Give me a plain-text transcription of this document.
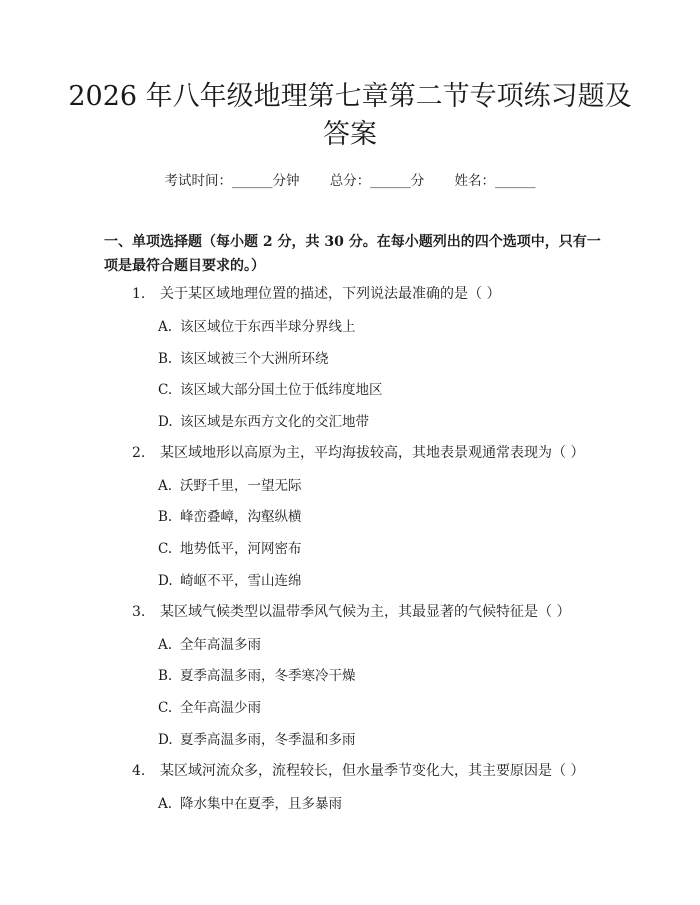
2026 年八年级地理第七章第二节专项练习题及答案
考试时间：______分钟 总分：______分 姓名：______
一、单项选择题（每小题 2 分，共 30 分。在每小题列出的四个选项中，只有一项是最符合题目要求的。）
1. 关于某区域地理位置的描述，下列说法最准确的是（ ）
A. 该区域位于东西半球分界线上
B. 该区域被三个大洲所环绕
C. 该区域大部分国土位于低纬度地区
D. 该区域是东西方文化的交汇地带
2. 某区域地形以高原为主，平均海拔较高，其地表景观通常表现为（ ）
A. 沃野千里，一望无际
B. 峰峦叠嶂，沟壑纵横
C. 地势低平，河网密布
D. 崎岖不平，雪山连绵
3. 某区域气候类型以温带季风气候为主，其最显著的气候特征是（ ）
A. 全年高温多雨
B. 夏季高温多雨，冬季寒冷干燥
C. 全年高温少雨
D. 夏季高温多雨，冬季温和多雨
4. 某区域河流众多，流程较长，但水量季节变化大，其主要原因是（ ）
A. 降水集中在夏季，且多暴雨
